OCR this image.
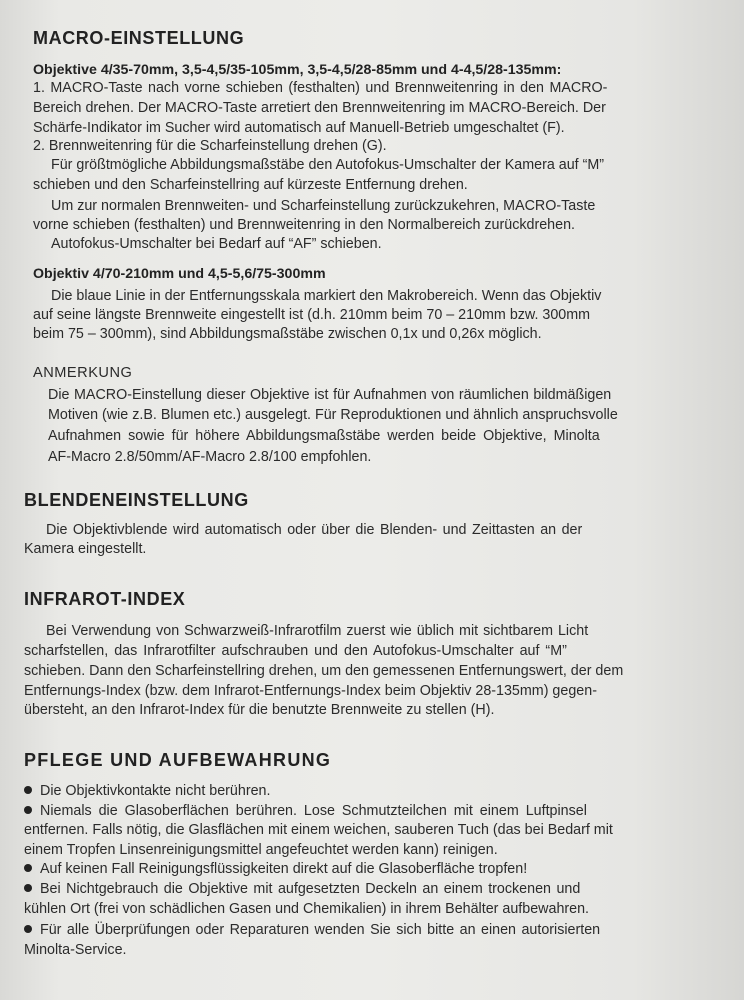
MACRO-EINSTELLUNG
Objektive 4/35-70mm, 3,5-4,5/35-105mm, 3,5-4,5/28-85mm und 4-4,5/28-135mm:
1. MACRO-Taste nach vorne schieben (festhalten) und Brennweitenring in den MACRO-
Bereich drehen. Der MACRO-Taste arretiert den Brennweitenring im MACRO-Bereich. Der
Schärfe-Indikator im Sucher wird automatisch auf Manuell-Betrieb umgeschaltet (F).
2. Brennweitenring für die Scharfeinstellung drehen (G).
Für größtmögliche Abbildungsmaßstäbe den Autofokus-Umschalter der Kamera auf “M”
schieben und den Scharfeinstellring auf kürzeste Entfernung drehen.
Um zur normalen Brennweiten- und Scharfeinstellung zurückzukehren, MACRO-Taste
vorne schieben (festhalten) und Brennweitenring in den Normalbereich zurückdrehen.
Autofokus-Umschalter bei Bedarf auf “AF” schieben.
Objektiv 4/70-210mm und 4,5-5,6/75-300mm
Die blaue Linie in der Entfernungsskala markiert den Makrobereich. Wenn das Objektiv
auf seine längste Brennweite eingestellt ist (d.h. 210mm beim 70 – 210mm bzw. 300mm
beim 75 – 300mm), sind Abbildungsmaßstäbe zwischen 0,1x und 0,26x möglich.
ANMERKUNG
Die MACRO-Einstellung dieser Objektive ist für Aufnahmen von räumlichen bildmäßigen
Motiven (wie z.B. Blumen etc.) ausgelegt. Für Reproduktionen und ähnlich anspruchsvolle
Aufnahmen sowie für höhere Abbildungsmaßstäbe werden beide Objektive, Minolta
AF-Macro 2.8/50mm/AF-Macro 2.8/100 empfohlen.
BLENDENEINSTELLUNG
Die Objektivblende wird automatisch oder über die Blenden- und Zeittasten an der
Kamera eingestellt.
INFRAROT-INDEX
Bei Verwendung von Schwarzweiß-Infrarotfilm zuerst wie üblich mit sichtbarem Licht
scharfstellen, das Infrarotfilter aufschrauben und den Autofokus-Umschalter auf “M”
schieben. Dann den Scharfeinstellring drehen, um den gemessenen Entfernungswert, der dem
Entfernungs-Index (bzw. dem Infrarot-Entfernungs-Index beim Objektiv 28-135mm) gegen-
übersteht, an den Infrarot-Index für die benutzte Brennweite zu stellen (H).
PFLEGE UND AUFBEWAHRUNG
Die Objektivkontakte nicht berühren.
Niemals die Glasoberflächen berühren. Lose Schmutzteilchen mit einem Luftpinsel
entfernen. Falls nötig, die Glasflächen mit einem weichen, sauberen Tuch (das bei Bedarf mit
einem Tropfen Linsenreinigungsmittel angefeuchtet werden kann) reinigen.
Auf keinen Fall Reinigungsflüssigkeiten direkt auf die Glasoberfläche tropfen!
Bei Nichtgebrauch die Objektive mit aufgesetzten Deckeln an einem trockenen und
kühlen Ort (frei von schädlichen Gasen und Chemikalien) in ihrem Behälter aufbewahren.
Für alle Überprüfungen oder Reparaturen wenden Sie sich bitte an einen autorisierten
Minolta-Service.
